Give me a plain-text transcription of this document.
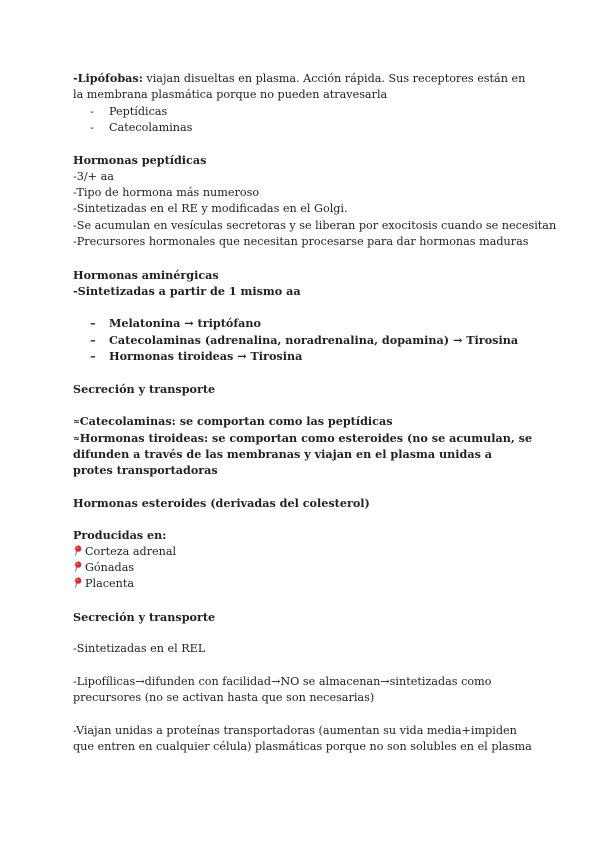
-Lipófobas: viajan disueltas en plasma. Acción rápida. Sus receptores están en la membrana plasmática porque no pueden atravesarla
- Peptídicas
- Catecolaminas
Hormonas peptídicas
-3/+ aa
-Tipo de hormona más numeroso
-Sintetizadas en el RE y modificadas en el Golgi.
-Se acumulan en vesículas secretoras y se liberan por exocitosis cuando se necesitan
-Precursores hormonales que necesitan procesarse para dar hormonas maduras
Hormonas aminérgicas
-Sintetizadas a partir de 1 mismo aa
– Melatonina → triptófano
– Catecolaminas (adrenalina, noradrenalina, dopamina) → Tirosina
– Hormonas tiroideas → Tirosina
Secreción y transporte
≈Catecolaminas: se comportan como las peptídicas
≈Hormonas tiroideas: se comportan como esteroides (no se acumulan, se difunden a través de las membranas y viajan en el plasma unidas a protes transportadoras
Hormonas esteroides (derivadas del colesterol)
Producidas en:
Corteza adrenal
Gónadas
Placenta
Secreción y transporte
-Sintetizadas en el REL
-Lipofílicas→difunden con facilidad→NO se almacenan→sintetizadas como precursores (no se activan hasta que son necesarias)
-Viajan unidas a proteínas transportadoras (aumentan su vida media+impiden que entren en cualquier célula) plasmáticas porque no son solubles en el plasma
